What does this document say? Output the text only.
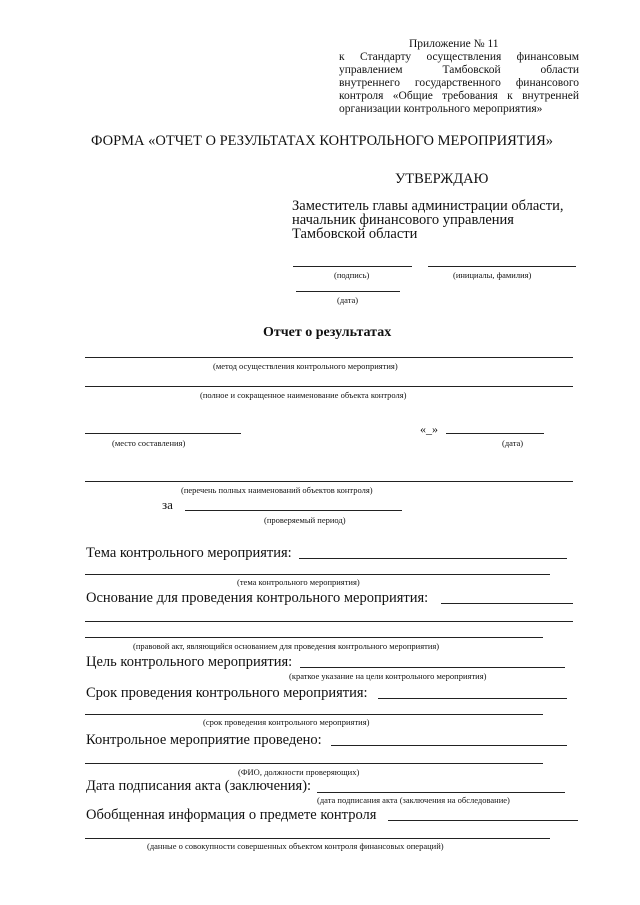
Приложение № 11
к Стандарту осуществления финансовым
управлением Тамбовской области
внутреннего государственного финансового
контроля «Общие требования к внутренней
организации контрольного мероприятия»
ФОРМА «ОТЧЕТ О РЕЗУЛЬТАТАХ КОНТРОЛЬНОГО МЕРОПРИЯТИЯ»
УТВЕРЖДАЮ
Заместитель главы администрации области,
начальник финансового управления
Тамбовской области
(подпись)	(инициалы, фамилия)
(дата)
Отчет о результатах
(метод осуществления контрольного мероприятия)
(полное и сокращенное наименование объекта контроля)
«_»
(место составления)	(дата)
(перечень полных наименований объектов контроля)
за
(проверяемый период)
Тема контрольного мероприятия:
(тема контрольного мероприятия)
Основание для проведения контрольного мероприятия:
(правовой акт, являющийся основанием для проведения контрольного мероприятия)
Цель контрольного мероприятия:
(краткое указание на цели контрольного мероприятия)
Срок проведения контрольного мероприятия:
(срок проведения контрольного мероприятия)
Контрольное мероприятие проведено:
(ФИО, должности проверяющих)
Дата подписания акта (заключения):
(дата подписания акта (заключения на обследование)
Обобщенная информация о предмете контроля
(данные о совокупности совершенных объектом контроля финансовых операций)
